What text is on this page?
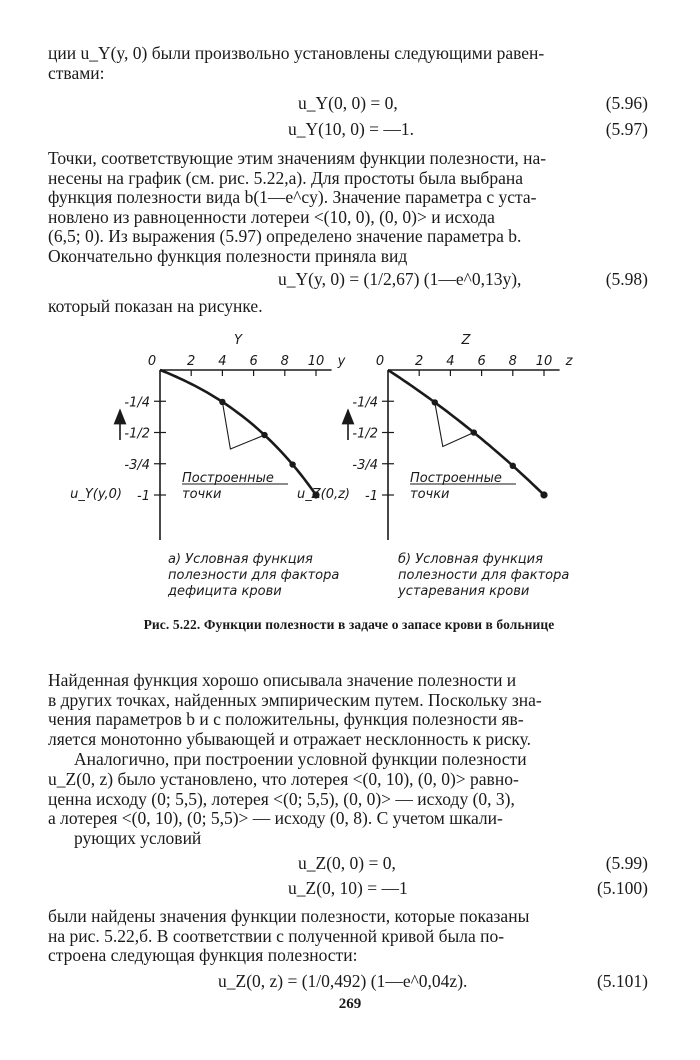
ции u_Y(y, 0) были произвольно установлены следующими равен-
ствами:
u_Y(0, 0) = 0,	(5.96)
u_Y(10, 0) = —1.	(5.97)
Точки, соответствующие этим значениям функции полезности, на-
несены на график (см. рис. 5.22,а). Для простоты была выбрана
функция полезности вида b(1—e^cy). Значение параметра c уста-
новлено из равноценности лотереи <(10, 0), (0, 0)> и исхода
(6,5; 0). Из выражения (5.97) определено значение параметра b.
Окончательно функция полезности приняла вид
u_Y(y, 0) = (1/2,67) (1—e^0,13y),	(5.98)
который показан на рисунке.
Y
0 2 4 6 8 10 y
-1/4
-1/2
-3/4
-1
u_Y(y,0)
Построенные
точки
Z
0 2 4 6 8 10 z
-1/4
-1/2
-3/4
-1
u_Z(0,z)
Построенные
точки
а) Условная функция
полезности для фактора
дефицита крови
б) Условная функция
полезности для фактора
устаревания крови
Рис. 5.22. Функции полезности в задаче о запасе крови в больнице
Найденная функция хорошо описывала значение полезности и
в других точках, найденных эмпирическим путем. Поскольку зна-
чения параметров b и c положительны, функция полезности яв-
ляется монотонно убывающей и отражает несклонность к риску.
Аналогично, при построении условной функции полезности
u_Z(0, z) было установлено, что лотерея <(0, 10), (0, 0)> равно-
ценна исходу (0; 5,5), лотерея <(0; 5,5), (0, 0)> — исходу (0, 3),
а лотерея <(0, 10), (0; 5,5)> — исходу (0, 8). С учетом шкали-
рующих условий
u_Z(0, 0) = 0,	(5.99)
u_Z(0, 10) = —1	(5.100)
были найдены значения функции полезности, которые показаны
на рис. 5.22,б. В соответствии с полученной кривой была по-
строена следующая функция полезности:
u_Z(0, z) = (1/0,492) (1—e^0,04z).	(5.101)
269
